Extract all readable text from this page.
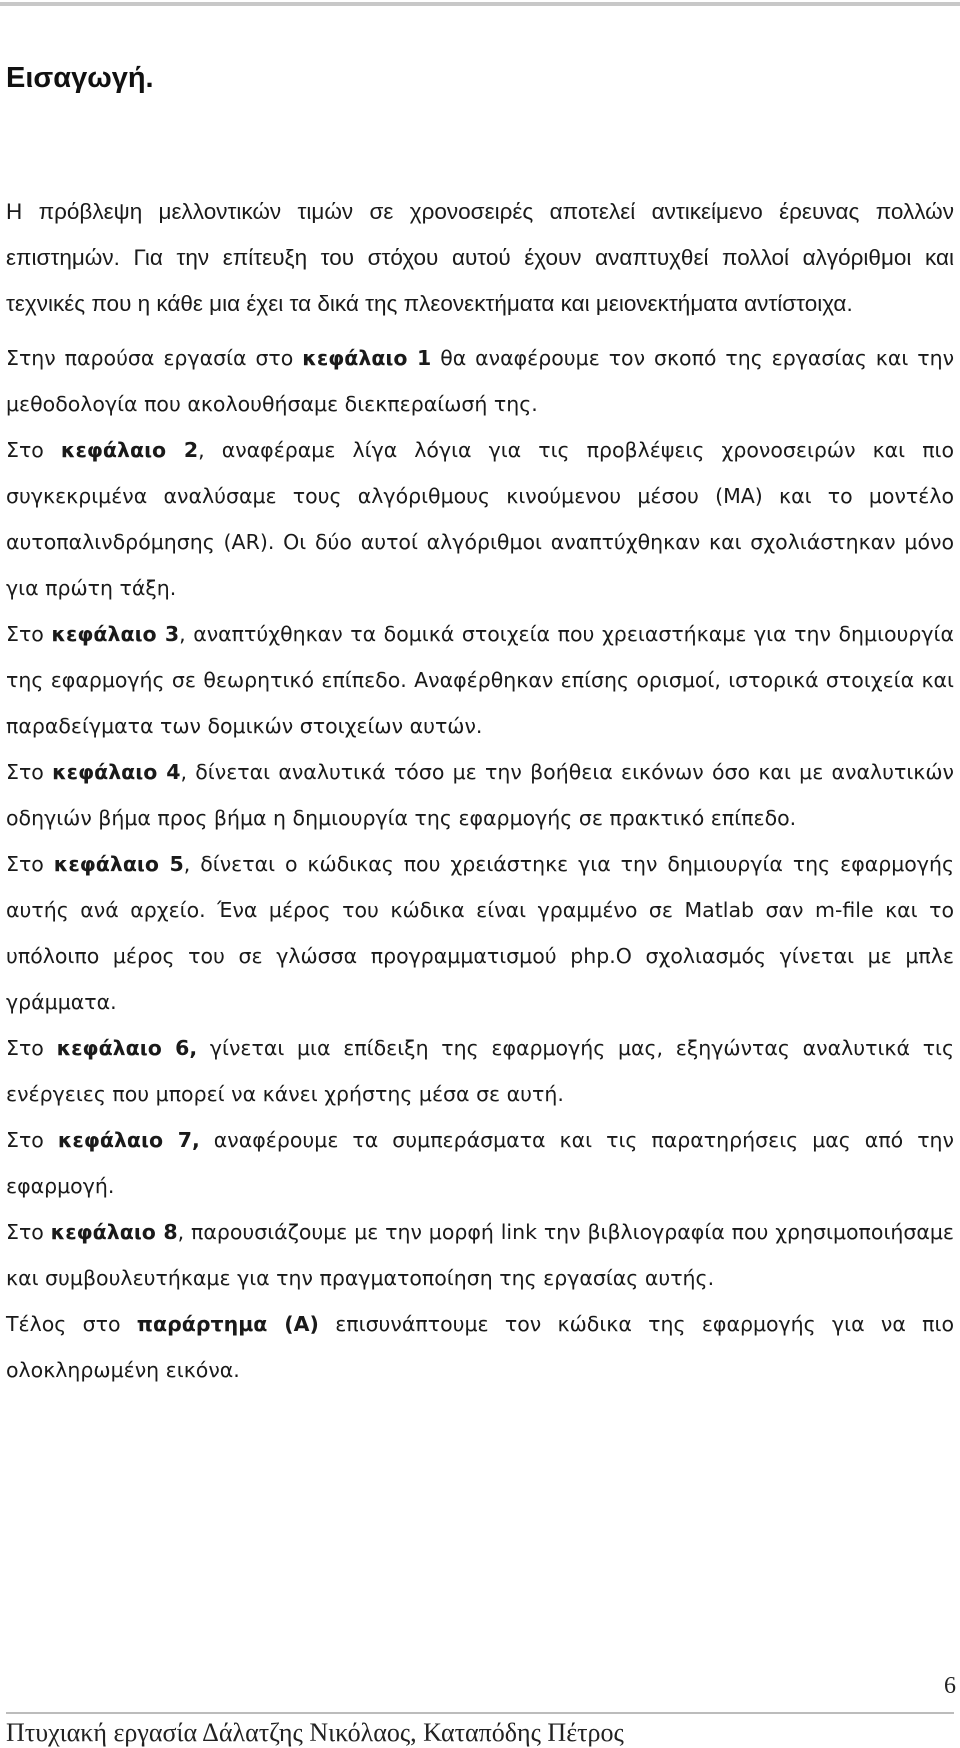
Εισαγωγή.

Η πρόβλεψη μελλοντικών τιμών σε χρονοσειρές αποτελεί αντικείμενο έρευνας πολλών επιστημών. Για την επίτευξη του στόχου αυτού έχουν αναπτυχθεί πολλοί αλγόριθμοι και τεχνικές που η κάθε μια έχει τα δικά της πλεονεκτήματα και μειονεκτήματα αντίστοιχα.

Στην παρούσα εργασία στο κεφάλαιο 1 θα αναφέρουμε τον σκοπό της εργασίας και την μεθοδολογία που ακολουθήσαμε διεκπεραίωσή της.

Στο κεφάλαιο 2, αναφέραμε λίγα λόγια για τις προβλέψεις χρονοσειρών και πιο συγκεκριμένα αναλύσαμε τους αλγόριθμους κινούμενου μέσου (MA) και το μοντέλο αυτοπαλινδρόμησης (AR). Οι δύο αυτοί αλγόριθμοι αναπτύχθηκαν και σχολιάστηκαν μόνο για πρώτη τάξη.

Στο κεφάλαιο 3, αναπτύχθηκαν τα δομικά στοιχεία που χρειαστήκαμε για την δημιουργία της εφαρμογής σε θεωρητικό επίπεδο. Αναφέρθηκαν επίσης ορισμοί, ιστορικά στοιχεία και παραδείγματα των δομικών στοιχείων αυτών.

Στο κεφάλαιο 4, δίνεται αναλυτικά τόσο με την βοήθεια εικόνων όσο και με αναλυτικών οδηγιών βήμα προς βήμα η δημιουργία της εφαρμογής σε πρακτικό επίπεδο.

Στο κεφάλαιο 5, δίνεται ο κώδικας που χρειάστηκε για την δημιουργία της εφαρμογής αυτής ανά αρχείο. Ένα μέρος του κώδικα είναι γραμμένο σε Matlab σαν m-file και το υπόλοιπο μέρος του σε γλώσσα προγραμματισμού php.Ο σχολιασμός γίνεται με μπλε γράμματα.

Στο κεφάλαιο 6, γίνεται μια επίδειξη της εφαρμογής μας, εξηγώντας αναλυτικά τις ενέργειες που μπορεί να κάνει χρήστης μέσα σε αυτή.

Στο κεφάλαιο 7, αναφέρουμε τα συμπεράσματα και τις παρατηρήσεις μας από την εφαρμογή.

Στο κεφάλαιο 8, παρουσιάζουμε με την μορφή link την βιβλιογραφία που χρησιμοποιήσαμε και συμβουλευτήκαμε για την πραγματοποίηση της εργασίας αυτής.

Τέλος στο παράρτημα (Α) επισυνάπτουμε τον κώδικα της εφαρμογής για να πιο ολοκληρωμένη εικόνα.

6
Πτυχιακή εργασία Δάλατζης Νικόλαος, Καταπόδης Πέτρος
